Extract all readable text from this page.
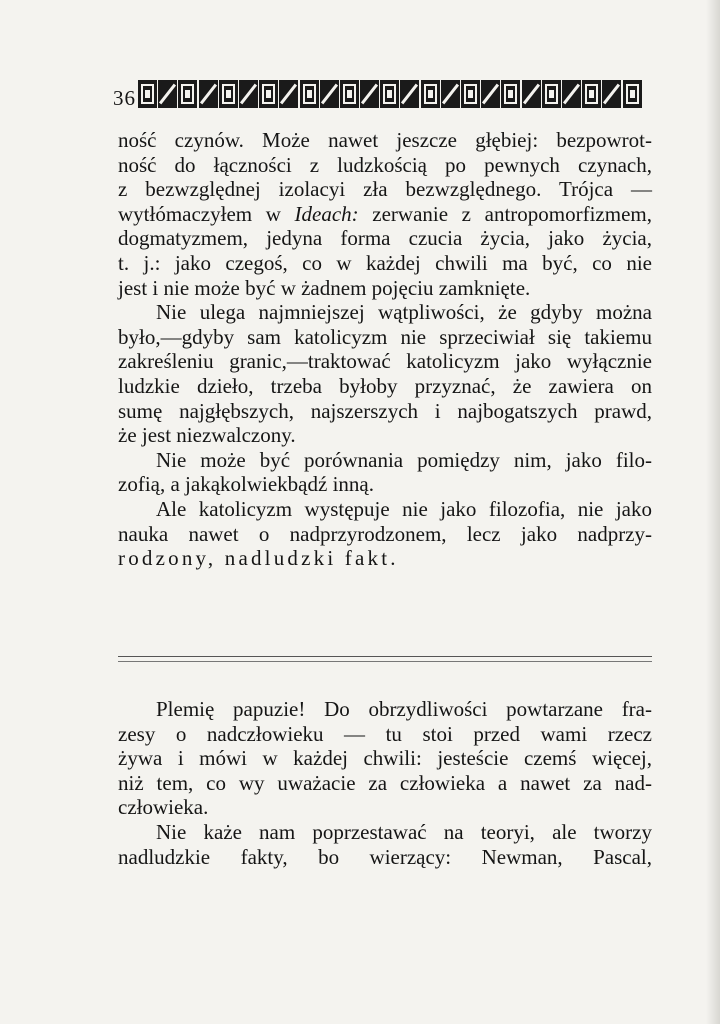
36

ność czynów. Może nawet jeszcze głębiej: bezpowrot-

ność do łączności z ludzkością po pewnych czynach,

z bezwzględnej izolacyi zła bezwzględnego. Trójca —

wytłómaczyłem w Ideach: zerwanie z antropomorfizmem,

dogmatyzmem, jedyna forma czucia życia, jako życia,

t. j.: jako czegoś, co w każdej chwili ma być, co nie

jest i nie może być w żadnem pojęciu zamknięte.

Nie ulega najmniejszej wątpliwości, że gdyby można

było,—gdyby sam katolicyzm nie sprzeciwiał się takiemu

zakreśleniu granic,—traktować katolicyzm jako wyłącznie

ludzkie dzieło, trzeba byłoby przyznać, że zawiera on

sumę najgłębszych, najszerszych i najbogatszych prawd,

że jest niezwalczony.

Nie może być porównania pomiędzy nim, jako filo-

zofią, a jakąkolwiekbądź inną.

Ale katolicyzm występuje nie jako filozofia, nie jako

nauka nawet o nadprzyrodzonem, lecz jako nadprzy-

rodzony, nadludzki fakt.

Plemię papuzie! Do obrzydliwości powtarzane fra-

zesy o nadczłowieku — tu stoi przed wami rzecz

żywa i mówi w każdej chwili: jesteście czemś więcej,

niż tem, co wy uważacie za człowieka a nawet za nad-

człowieka.

Nie każe nam poprzestawać na teoryi, ale tworzy

nadludzkie fakty, bo wierzący: Newman, Pascal,
